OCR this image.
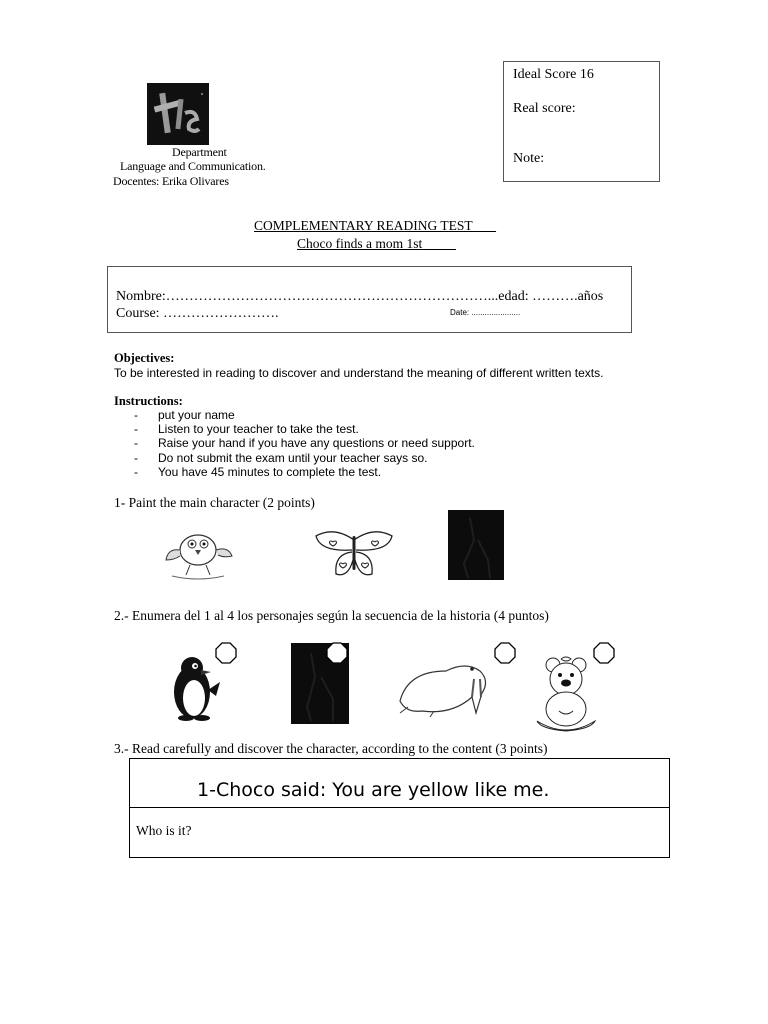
Ideal Score 16
Real score:
Note:
Department
Language and Communication.
Docentes: Erika Olivares
COMPLEMENTARY READING TEST
Choco finds a mom 1st
Nombre:……………………………………………………………...edad: ……….años
Course: …………………….	Date: ......................
Objectives:
To be interested in reading to discover and understand the meaning of different written texts.
Instructions:
- put your name
- Listen to your teacher to take the test.
- Raise your hand if you have any questions or need support.
- Do not submit the exam until your teacher says so.
- You have 45 minutes to complete the test.
1- Paint the main character (2 points)
2.- Enumera del 1 al 4 los personajes según la secuencia de la historia (4 puntos)
3.- Read carefully and discover the character, according to the content (3 points)
1-Choco said: You are yellow like me.
Who is it?
